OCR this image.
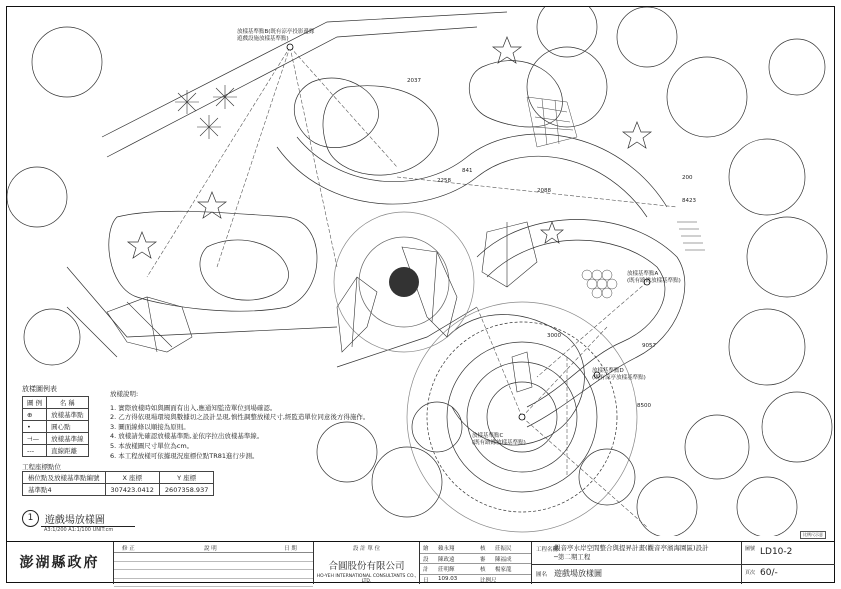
放樣基準點B(既有涼亭投影邊緣遊戲設施放樣基準點)
放樣基準點A (既有路緣放樣基準點)
放樣基準點C (既有路緣放樣基準點)
放樣基準點D (既有涼亭放樣基準點)
2037
2258
2088
8423
200
8500
3000
841
9057
放樣圖例表
圖 例	名 稱
⊕	放樣基準點
•	圓心點
⊣—	放樣基準線
---	直線距離
放樣說明:
1. 實際放樣時如與圖面有出入,應通知監造單位到場確認。
2. 乙方得依現場環境與數據切之設計呈現,慎性調整放樣尺寸,經監造單位同意後方得施作。
3. 圖面線條以順接為原則。
4. 放樣請先確認放樣基準點,並依序拉出放樣基準線。
5. 本放樣圖尺寸單位為cm。
6. 本工程放樣可依據現況座標位點TR81進行步測。
工程座標點位
樁位點及放樣基準點編號	X 座標	Y 座標
基準點4	307423.0412	2607358.937
1 遊戲場放樣圖
A3:1/200 A1:1/100 UNIT:cm
比例尺示意
澎湖縣政府
修 正	說 明	日 期	設 計 單 位
合圓股份有限公司
HO-YEH INTERNATIONAL CONSULTANTS CO., LTD.
繪 賴永翔	核 莊振民
設 陳政遠	審 陳福成
計 莊明輝	核 楊家龍
日 109.03	比例尺
工程名稱
觀音亭水岸空間整合與提昇計畫(觀音亭濱海園區)設計
─第二期工程
圖名 遊戲場放樣圖
圖號 LD10-2
頁次 60/-
